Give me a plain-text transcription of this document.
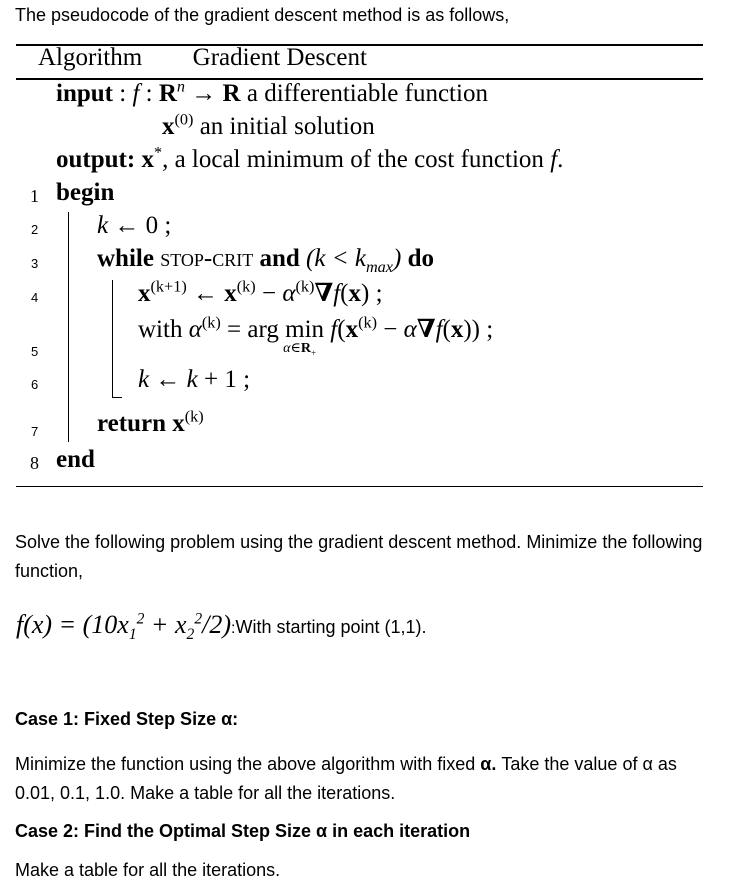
The pseudocode of the gradient descent method is as follows,
Algorithm Gradient Descent
input : f : $R^n \to R$ a differentiable function
$x^{(0)}$ an initial solution
output: x*, a local minimum of the cost function f.
1 begin
2 k ← 0 ;
3 while stop-crit and $(k < k_{max})$ do
4	$x^{(k+1)}$ ← $x^{(k)} - \alpha^{(k)}\nabla f(x)$ ;
5
with $\alpha^{(k)}$ = arg min
$\alpha\in R_+$
$f(x^{(k)} - \alpha\nabla f(x))$ ;
6	k ← k + 1 ;
7 return $x^{(k)}$
8 end
Solve the following problem using the gradient descent method. Minimize the following function,
$f(x) = (10x_1^2$ + $x_2^2/2):With$ starting point (1,1).
Case 1: Fixed Step Size α:
Minimize the function using the above algorithm with fixed α. Take the value of α as 0.01, 0.1, 1.0. Make a table for all the iterations.
Case 2: Find the Optimal Step Size α in each iteration
Make a table for all the iterations.
